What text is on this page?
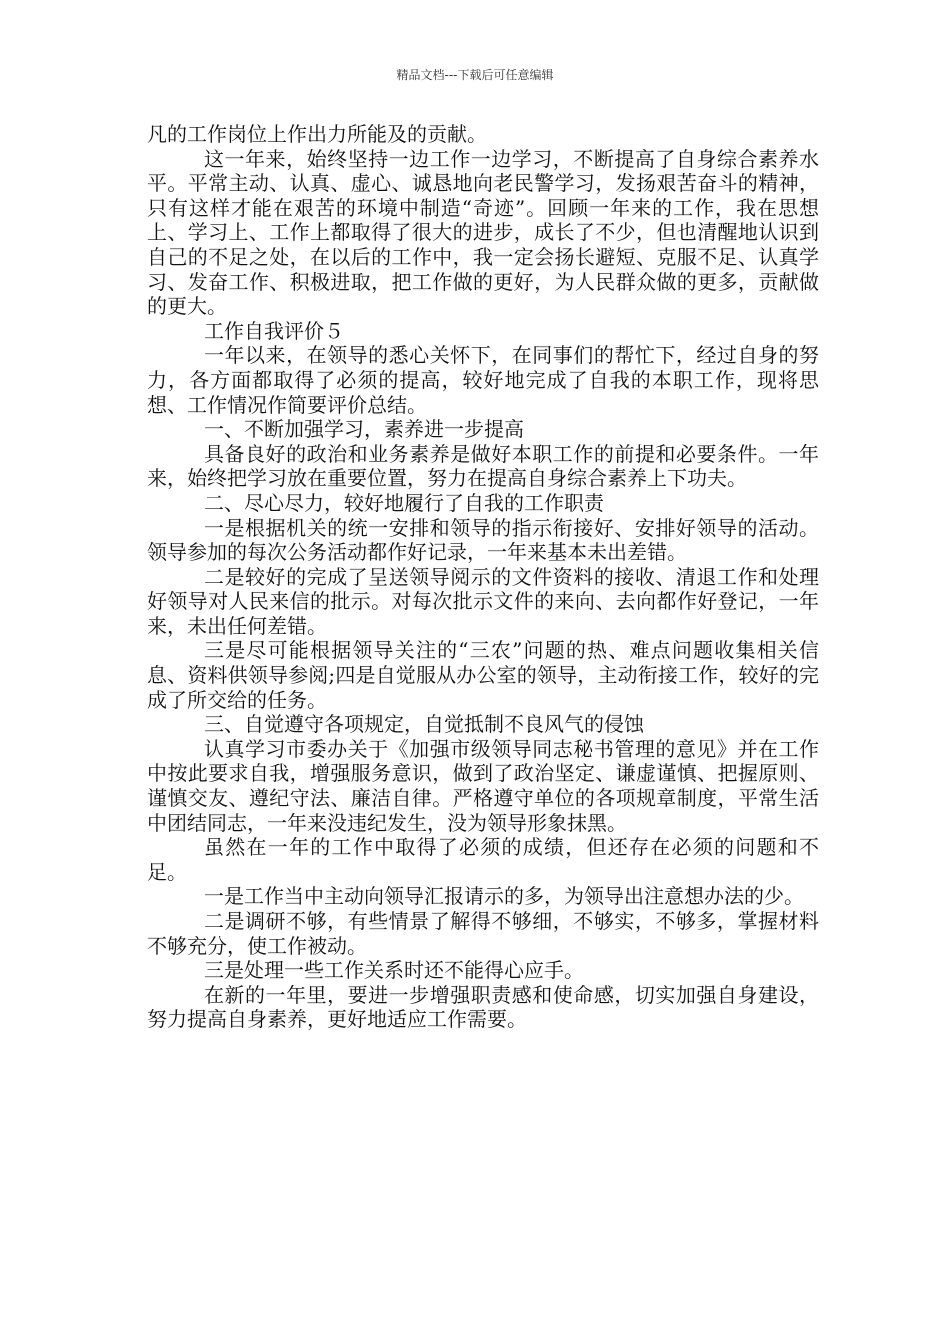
精品文档---下载后可任意编辑

凡的工作岗位上作出力所能及的贡献。

这一年来，始终坚持一边工作一边学习，不断提高了自身综合素养水平。平常主动、认真、虚心、诚恳地向老民警学习，发扬艰苦奋斗的精神，只有这样才能在艰苦的环境中制造“奇迹”。回顾一年来的工作，我在思想上、学习上、工作上都取得了很大的进步，成长了不少，但也清醒地认识到自己的不足之处，在以后的工作中，我一定会扬长避短、克服不足、认真学习、发奋工作、积极进取，把工作做的更好，为人民群众做的更多，贡献做的更大。

工作自我评价５

一年以来，在领导的悉心关怀下，在同事们的帮忙下，经过自身的努力，各方面都取得了必须的提高，较好地完成了自我的本职工作，现将思想、工作情况作简要评价总结。

一、不断加强学习，素养进一步提高

具备良好的政治和业务素养是做好本职工作的前提和必要条件。一年来，始终把学习放在重要位置，努力在提高自身综合素养上下功夫。

二、尽心尽力，较好地履行了自我的工作职责

一是根据机关的统一安排和领导的指示衔接好、安排好领导的活动。领导参加的每次公务活动都作好记录，一年来基本未出差错。

二是较好的完成了呈送领导阅示的文件资料的接收、清退工作和处理好领导对人民来信的批示。对每次批示文件的来向、去向都作好登记，一年来，未出任何差错。

三是尽可能根据领导关注的“三农”问题的热、难点问题收集相关信息、资料供领导参阅;四是自觉服从办公室的领导，主动衔接工作，较好的完成了所交给的任务。

三、自觉遵守各项规定，自觉抵制不良风气的侵蚀

认真学习市委办关于《加强市级领导同志秘书管理的意见》并在工作中按此要求自我，增强服务意识，做到了政治坚定、谦虚谨慎、把握原则、谨慎交友、遵纪守法、廉洁自律。严格遵守单位的各项规章制度，平常生活中团结同志，一年来没违纪发生，没为领导形象抹黑。

虽然在一年的工作中取得了必须的成绩，但还存在必须的问题和不足。

一是工作当中主动向领导汇报请示的多，为领导出注意想办法的少。

二是调研不够，有些情景了解得不够细，不够实，不够多，掌握材料不够充分，使工作被动。

三是处理一些工作关系时还不能得心应手。

在新的一年里，要进一步增强职责感和使命感，切实加强自身建设，努力提高自身素养，更好地适应工作需要。
